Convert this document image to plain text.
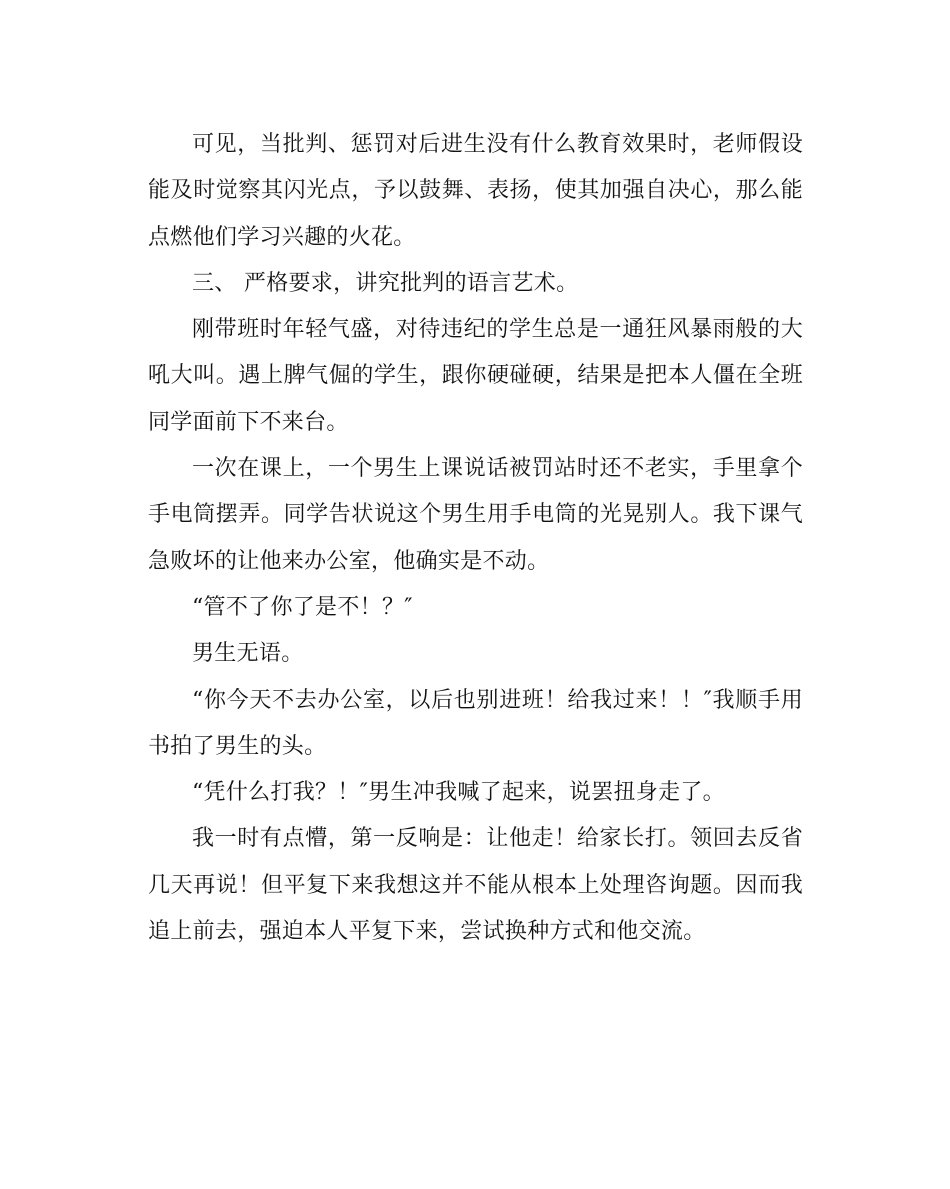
可见，当批判、惩罚对后进生没有什么教育效果时，老师假设能及时觉察其闪光点，予以鼓舞、表扬，使其加强自决心，那么能点燃他们学习兴趣的火花。

三、 严格要求，讲究批判的语言艺术。

刚带班时年轻气盛，对待违纪的学生总是一通狂风暴雨般的大吼大叫。遇上脾气倔的学生，跟你硬碰硬，结果是把本人僵在全班同学面前下不来台。

一次在课上，一个男生上课说话被罚站时还不老实，手里拿个手电筒摆弄。同学告状说这个男生用手电筒的光晃别人。我下课气急败坏的让他来办公室，他确实是不动。

“管不了你了是不！？″

男生无语。

“你今天不去办公室，以后也别进班！给我过来！！″我顺手用书拍了男生的头。

“凭什么打我？！″男生冲我喊了起来，说罢扭身走了。

我一时有点懵，第一反响是：让他走！给家长打。领回去反省几天再说！但平复下来我想这并不能从根本上处理咨询题。因而我追上前去，强迫本人平复下来，尝试换种方式和他交流。
